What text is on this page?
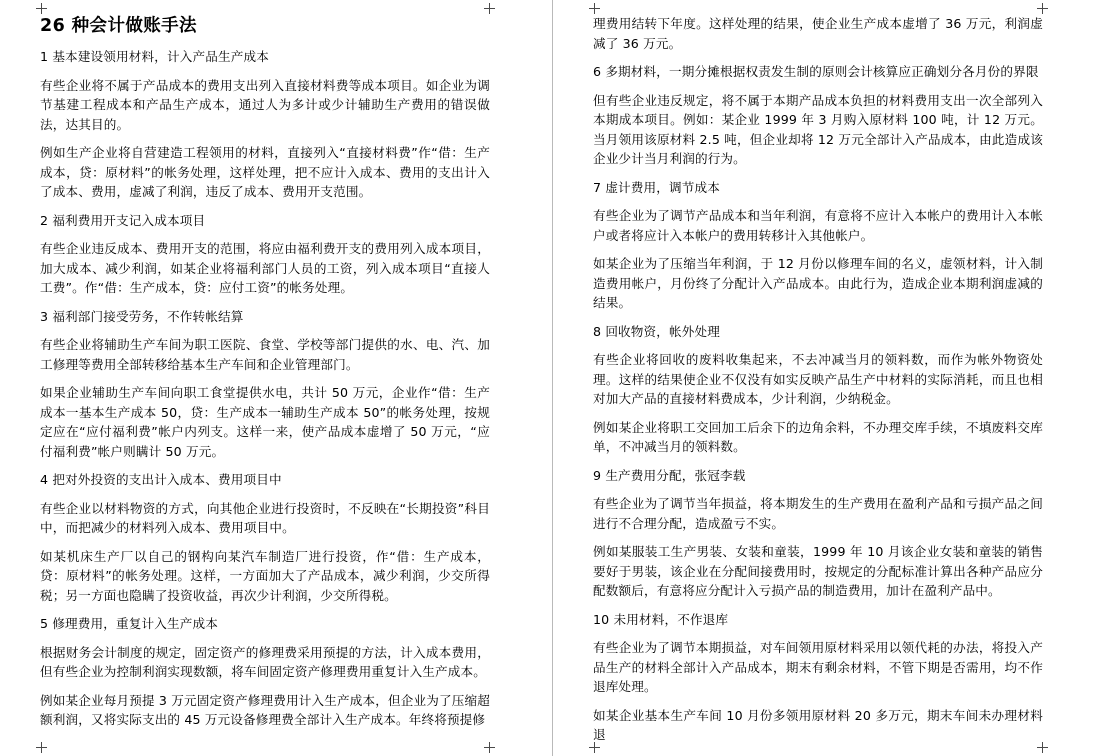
26 种会计做账手法

1 基本建设领用材料，计入产品生产成本

有些企业将不属于产品成本的费用支出列入直接材料费等成本项目。如企业为调节基建工程成本和产品生产成本，通过人为多计或少计辅助生产费用的错误做法，达其目的。

例如生产企业将自营建造工程领用的材料，直接列入“直接材料费”作“借：生产成本，贷：原材料”的帐务处理，这样处理，把不应计入成本、费用的支出计入了成本、费用，虚减了利润，违反了成本、费用开支范围。

2 福利费用开支记入成本项目

有些企业违反成本、费用开支的范围，将应由福利费开支的费用列入成本项目，加大成本、减少利润，如某企业将福利部门人员的工资，列入成本项目“直接人工费”。作“借：生产成本，贷：应付工资”的帐务处理。

3 福利部门接受劳务，不作转帐结算

有些企业将辅助生产车间为职工医院、食堂、学校等部门提供的水、电、汽、加工修理等费用全部转移给基本生产车间和企业管理部门。

如果企业辅助生产车间向职工食堂提供水电，共计 50 万元，企业作“借：生产成本一基本生产成本 50，贷：生产成本一辅助生产成本 50”的帐务处理，按规定应在“应付福利费”帐户内列支。这样一来，使产品成本虚增了 50 万元，“应付福利费”帐户则瞒计 50 万元。

4 把对外投资的支出计入成本、费用项目中

有些企业以材料物资的方式，向其他企业进行投资时，不反映在“长期投资”科目中，而把减少的材料列入成本、费用项目中。

如某机床生产厂以自己的钢构向某汽车制造厂进行投资，作“借：生产成本，贷：原材料”的帐务处理。这样，一方面加大了产品成本，减少利润，少交所得税；另一方面也隐瞒了投资收益，再次少计利润，少交所得税。

5 修理费用，重复计入生产成本

根据财务会计制度的规定，固定资产的修理费采用预提的方法，计入成本费用，但有些企业为控制利润实现数额，将车间固定资产修理费用重复计入生产成本。

例如某企业每月预提 3 万元固定资产修理费用计入生产成本，但企业为了压缩超额利润，又将实际支出的 45 万元设备修理费全部计入生产成本。年终将预提修

理费用结转下年度。这样处理的结果，使企业生产成本虚增了 36 万元，利润虚减了 36 万元。

6 多期材料，一期分摊根据权责发生制的原则会计核算应正确划分各月份的界限

但有些企业违反规定，将不属于本期产品成本负担的材料费用支出一次全部列入本期成本项目。例如：某企业 1999 年 3 月购入原材料 100 吨，计 12 万元。当月领用该原材料 2.5 吨，但企业却将 12 万元全部计入产品成本，由此造成该企业少计当月利润的行为。

7 虚计费用，调节成本

有些企业为了调节产品成本和当年利润，有意将不应计入本帐户的费用计入本帐户或者将应计入本帐户的费用转移计入其他帐户。

如某企业为了压缩当年利润，于 12 月份以修理车间的名义，虚领材料，计入制造费用帐户，月份终了分配计入产品成本。由此行为，造成企业本期利润虚减的结果。

8 回收物资，帐外处理

有些企业将回收的废料收集起来，不去冲减当月的领料数，而作为帐外物资处理。这样的结果使企业不仅没有如实反映产品生产中材料的实际消耗，而且也相对加大产品的直接材料费成本，少计利润，少纳税金。

例如某企业将职工交回加工后余下的边角余料，不办理交库手续，不填废料交库单，不冲减当月的领料数。

9 生产费用分配，张冠李载

有些企业为了调节当年损益，将本期发生的生产费用在盈利产品和亏损产品之间进行不合理分配，造成盈亏不实。

例如某服装工生产男装、女装和童装，1999 年 10 月该企业女装和童装的销售要好于男装，该企业在分配间接费用时，按规定的分配标准计算出各种产品应分配数额后，有意将应分配计入亏损产品的制造费用，加计在盈利产品中。

10 未用材料，不作退库

有些企业为了调节本期损益，对车间领用原材料采用以领代耗的办法，将投入产品生产的材料全部计入产品成本，期末有剩余材料，不管下期是否需用，均不作退库处理。

如某企业基本生产车间 10 月份多领用原材料 20 多万元，期末车间未办理材料退
